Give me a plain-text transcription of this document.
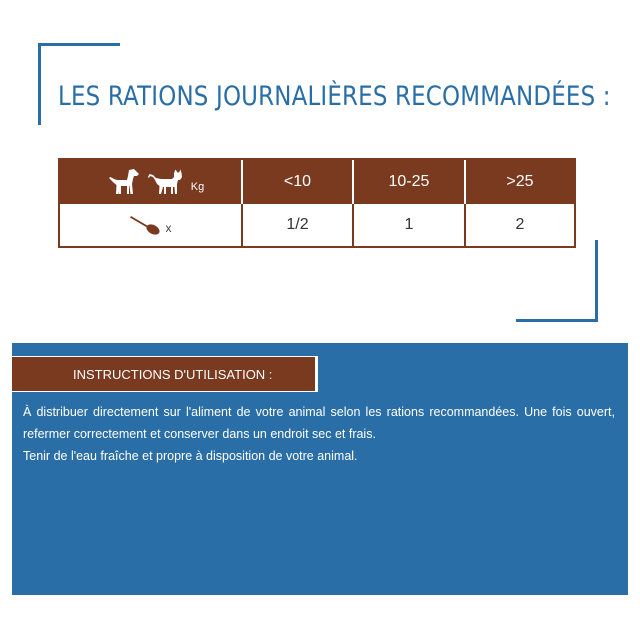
LES RATIONS JOURNALIÈRES RECOMMANDÉES :
Kg	<10	10-25	>25
x	1/2	1	2
INSTRUCTIONS D'UTILISATION :

À distribuer directement sur l'aliment de votre animal selon les rations recommandées. Une fois ouvert, refermer correctement et conserver dans un endroit sec et frais.

Tenir de l'eau fraîche et propre à disposition de votre animal.
